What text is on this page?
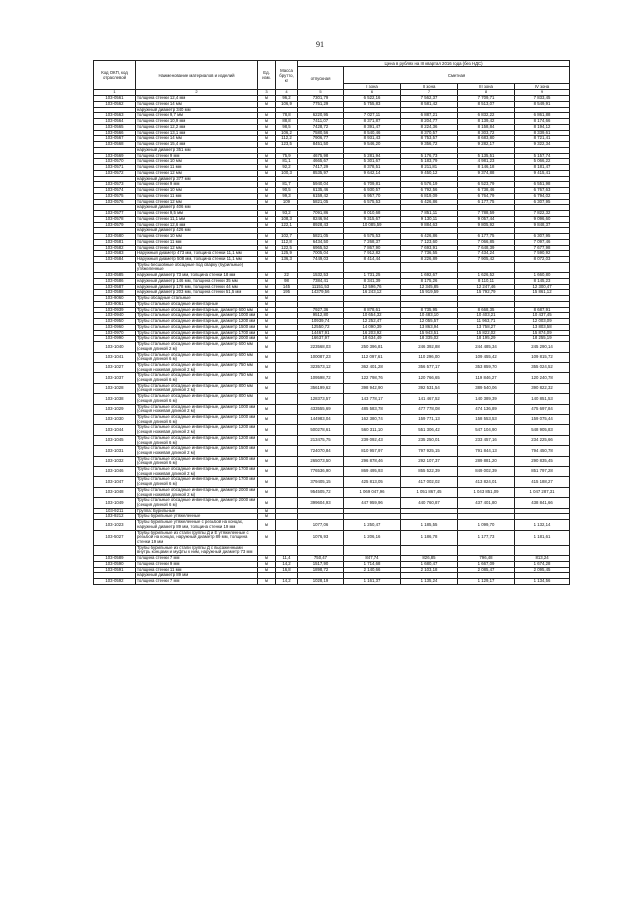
91
Код ОКП, код отраслевой	Наименование материалов и изделий	Ед. изм.	Масса брутто, кг	Цена в рублях на III квартал 2016 года (без НДС)				
				отпускная	Сметная			
					I зона	II зона	III зона	IV зона
1	2	3	4	5	6	7	8	9
103-0561	толщина стенки 12,4 мм	м	96,2	7301,79	6 522,16	7 562,37	7 709,71	7 833,45
103-0562	толщина стенки 14 мм	м	106,9	7751,29	5 755,83	8 581,42	8 513,07	8 549,91
	наружный диаметр 340 мм							
103-0563	толщина стенки 9,7 мм	м	78,8	6220,95	7 027,11	6 887,21	6 832,22	6 861,88
103-0564	толщина стенки 10,9 мм	м	88,8	7411,07	8 371,87	8 204,77	8 139,42	8 174,66
103-0565	толщина стенки 12,2 мм	м	98,5	7428,72	8 391,47	8 224,36	8 158,84	8 194,12
103-0566	толщина стенки 13,1 мм	м	106,2	7580,56	8 540,46	8 370,57	8 303,72	8 339,61
103-0567	толщина стенки 14 мм	м	112,2	7906,77	8 931,43	8 753,57	8 683,80	8 721,41
103-0568	толщина стенки 15,4 мм	м	123,5	8451,50	9 546,20	9 356,72	9 282,17	9 322,34
	наружный диаметр 351 мм							
103-0569	толщина стенки 9 мм	м	75,9	4675,98	5 281,94	5 176,73	5 135,51	5 157,74
103-0570	толщина стенки 10 мм	м	81,1	4665,67	5 301,67	5 183,79	4 981,23	5 066,22
103-0571	толщина стенки 11 мм	м	92,2	7417,29	8 378,51	8 211,81	8 146,18	8 181,47
103-0572	толщина стенки 12 мм	м	100,3	8535,97	9 642,14	9 450,12	9 374,88	9 415,41
	наружный диаметр 377 мм							
103-0573	толщина стенки 9 мм	м	81,7	5940,04	6 709,81	6 576,19	6 523,79	6 551,98
103-0574	толщина стенки 10 мм	м	90,5	6135,46	6 930,57	6 792,56	6 738,46	6 767,63
103-0575	толщина стенки 11 мм	м	99,3	6159,42	6 957,70	6 819,09	6 764,79	6 794,02
103-0576	толщина стенки 12 мм	м	109	5821,05	6 575,53	6 426,86	6 177,75	6 307,95
	наружный диаметр 406 мм							
103-0577	толщина стенки 9,5 мм	м	93,2	7091,86	8 010,68	7 851,11	7 788,59	7 822,32
103-0578	толщина стенки 11,1 мм	м	108,3	8246,94	9 315,67	9 130,11	9 057,44	9 096,60
103-0579	толщина стенки 12,6 мм	м	122,1	8928,43	10 085,59	9 884,63	9 805,92	9 848,37
	наружный диаметр 426 мм							
103-0580	толщина стенки 10 мм	м	102,7	5821,05	6 575,53	6 426,86	6 177,75	6 307,95
103-0581	толщина стенки 11 мм	м	112,8	6434,50	7 268,37	7 123,60	7 066,85	7 097,46
103-0582	толщина стенки 12 мм	м	122,5	6965,52	7 867,90	7 693,91	7 648,39	7 677,98
103-0583	Наружный диаметр 473 мм, толщина стенки 11,1 мм	м	125,9	7005,04	7 912,82	7 736,55	7 434,24	7 590,92
103-0584	Наружный диаметр 508 мм, толщина стенки 11,1 мм	м	136,3	7449,03	8 414,44	8 226,89	7 905,42	8 072,03
	Трубы бесшовные обсадные под сварку (бурильные) утяжеленные							
103-0585	наружный диаметр 73 мм, толщина стенки 18 мм	м	22	1532,53	1 731,25	1 692,67	1 626,52	1 660,80
103-0586	наружный диаметр 146 мм, толщина стенки 35 мм	м	98	7384,41	8 341,39	8 175,26	8 110,11	8 145,23
103-0587	наружный диаметр 178 мм, толщина стенки 44 мм	м	145	11151,53	12 596,76	12 345,85	12 247,46	12 300,47
103-0588	наружный диаметр 203 мм, толщина стенки 51,5 мм	м	195	14379,56	16 243,12	15 919,59	15 792,79	15 861,12
103-9060	Трубы обсадные стальные	м						
103-9061	Трубы стальные обсадные инвентарные	м						
103-0939	Трубы стальные обсадные инвентарные, диаметр 600 мм	м		7927,36	8 878,61	8 735,95	8 668,35	8 687,91
103-0940	Трубы стальные обсадные инвентарные, диаметр 1000 мм	м		9512,80	10 654,32	10 483,10	10 403,21	10 437,45
103-0950	Трубы стальные обсадные инвентарные, диаметр 1200 мм	м		10939,74	12 252,47	12 055,57	11 963,71	12 003,09
103-0960	Трубы стальные обсадные инвентарные, диаметр 1500 мм	м		12550,72	14 090,39	13 863,94	13 758,27	13 803,58
103-0970	Трубы стальные обсадные инвентарные, диаметр 1700 мм	м		14467,91	16 203,92	15 943,51	15 822,02	15 874,09
103-0990	Трубы стальные обсадные инвентарные, диаметр 2000 мм	м		16637,97	18 634,49	18 335,02	18 195,29	18 255,19
103-1040	Трубы стальные обсадные инвентарные, диаметр 600 мм (секция длиной 2 м)	м		223568,03	250 396,81	246 392,88	244 485,34	245 290,14
103-1041	Трубы стальные обсадные инвентарные, диаметр 600 мм (секция длиной 6 м)	м		100087,23	112 097,61	110 296,00	109 455,42	109 815,72
103-1027	Трубы стальные обсадные инвентарные, диаметр 750 мм (секция ножевая длиной 2 м)	м		323573,12	362 401,28	356 577,17	353 859,70	355 024,52
103-1037	Трубы стальные обсадные инвентарные, диаметр 750 мм (секция длиной 6 м)	м		109598,72	122 798,76	120 766,65	119 846,27	120 240,78
103-1028	Трубы стальные обсадные инвентарные, диаметр 800 мм (секция ножевая длиной 2 м)	м		356199,62	398 942,90	392 531,54	389 540,06	390 822,32
103-1038	Трубы стальные обсадные инвентарные, диаметр 800 мм (секция длиной 6 м)	м		128373,57	143 778,17	141 467,52	140 389,39	140 851,53
103-1029	Трубы стальные обсадные инвентарные, диаметр 1000 мм (секция ножевая длиной 2 м)	м		433555,69	485 583,78	477 778,08	474 136,89	475 697,84
103-1030	Трубы стальные обсадные инвентарные, диаметр 1000 мм (секция длиной 6 м)	м		144983,04	162 380,74	159 771,13	158 553,53	159 075,44
103-1044	Трубы стальные обсадные инвентарные, диаметр 1200 мм (секция ножевая длиной 2 м)	м		500278,61	560 311,10	551 306,42	547 104,90	548 905,83
103-1045	Трубы стальные обсадные инвентарные, диаметр 1200 мм (секция длиной 6 м)	м		213475,75	239 092,43	235 250,01	233 457,16	234 225,66
103-1031	Трубы стальные обсадные инвентарные, диаметр 1500 мм (секция ножевая длиной 2 м)	м		724070,84	810 957,97	797 925,15	791 844,13	794 450,78
103-1032	Трубы стальные обсадные инвентарные, диаметр 1500 мм (секция длиной 6 м)	м		265073,50	296 878,46	292 107,37	289 881,20	290 835,45
103-1046	Трубы стальные обсадные инвентарные, диаметр 1700 мм (секция ножевая длиной 2 м)	м		776536,90	869 495,93	855 522,39	849 002,39	851 797,28
103-1047	Трубы стальные обсадные инвентарные, диаметр 1700 мм (секция длиной 6 м)	м		379405,15	425 813,05	417 002,02	413 824,01	415 188,27
103-1048	Трубы стальные обсадные инвентарные, диаметр 2000 мм (секция ножевая длиной 2 м)	м		954505,72	1 069 047,96	1 051 867,45	1 043 851,09	1 047 287,31
103-1049	Трубы стальные обсадные инвентарные, диаметр 2000 мм (секция длиной 6 м)	м		399604,93	447 959,96	440 760,87	437 401,80	438 841,66
103-9211	Группа: Бурильные	м						
103-9212	Трубы бурильные утяжеленные	м						
103-1023	Трубы бурильные утяжеленные с резьбой на концах, наружный диаметр 89 мм, толщина стенки 19 мм	м		1077,06	1 250,47	1 185,55	1 099,70	1 132,14
103-5027	Трубы бурильные из стали группы Д и Е утяжеленные с резьбой на концах, наружный диаметр 89 мм, толщина стенки 19 мм	м		1076,93	1 206,16	1 186,78	1 177,73	1 181,61
	Трубы бурильные из стали группы Д с высаженными внутрь концами и муфты к ним, наружный диаметр 73 мм							
103-0589	толщина стенки 7 мм	м	11,4	750,47	847,74	826,85	796,48	813,24
103-0590	толщина стенки 9 мм	м	14,2	1517,90	1 714,68	1 680,47	1 667,09	1 674,28
103-0591	толщина стенки 11 мм	м	16,8	1898,72	2 140,66	2 103,18	2 085,47	2 095,45
	наружный диаметр 89 мм							
103-0592	толщина стенки 7 мм	м	14,2	1028,19	1 161,37	1 135,24	1 129,17	1 134,56
